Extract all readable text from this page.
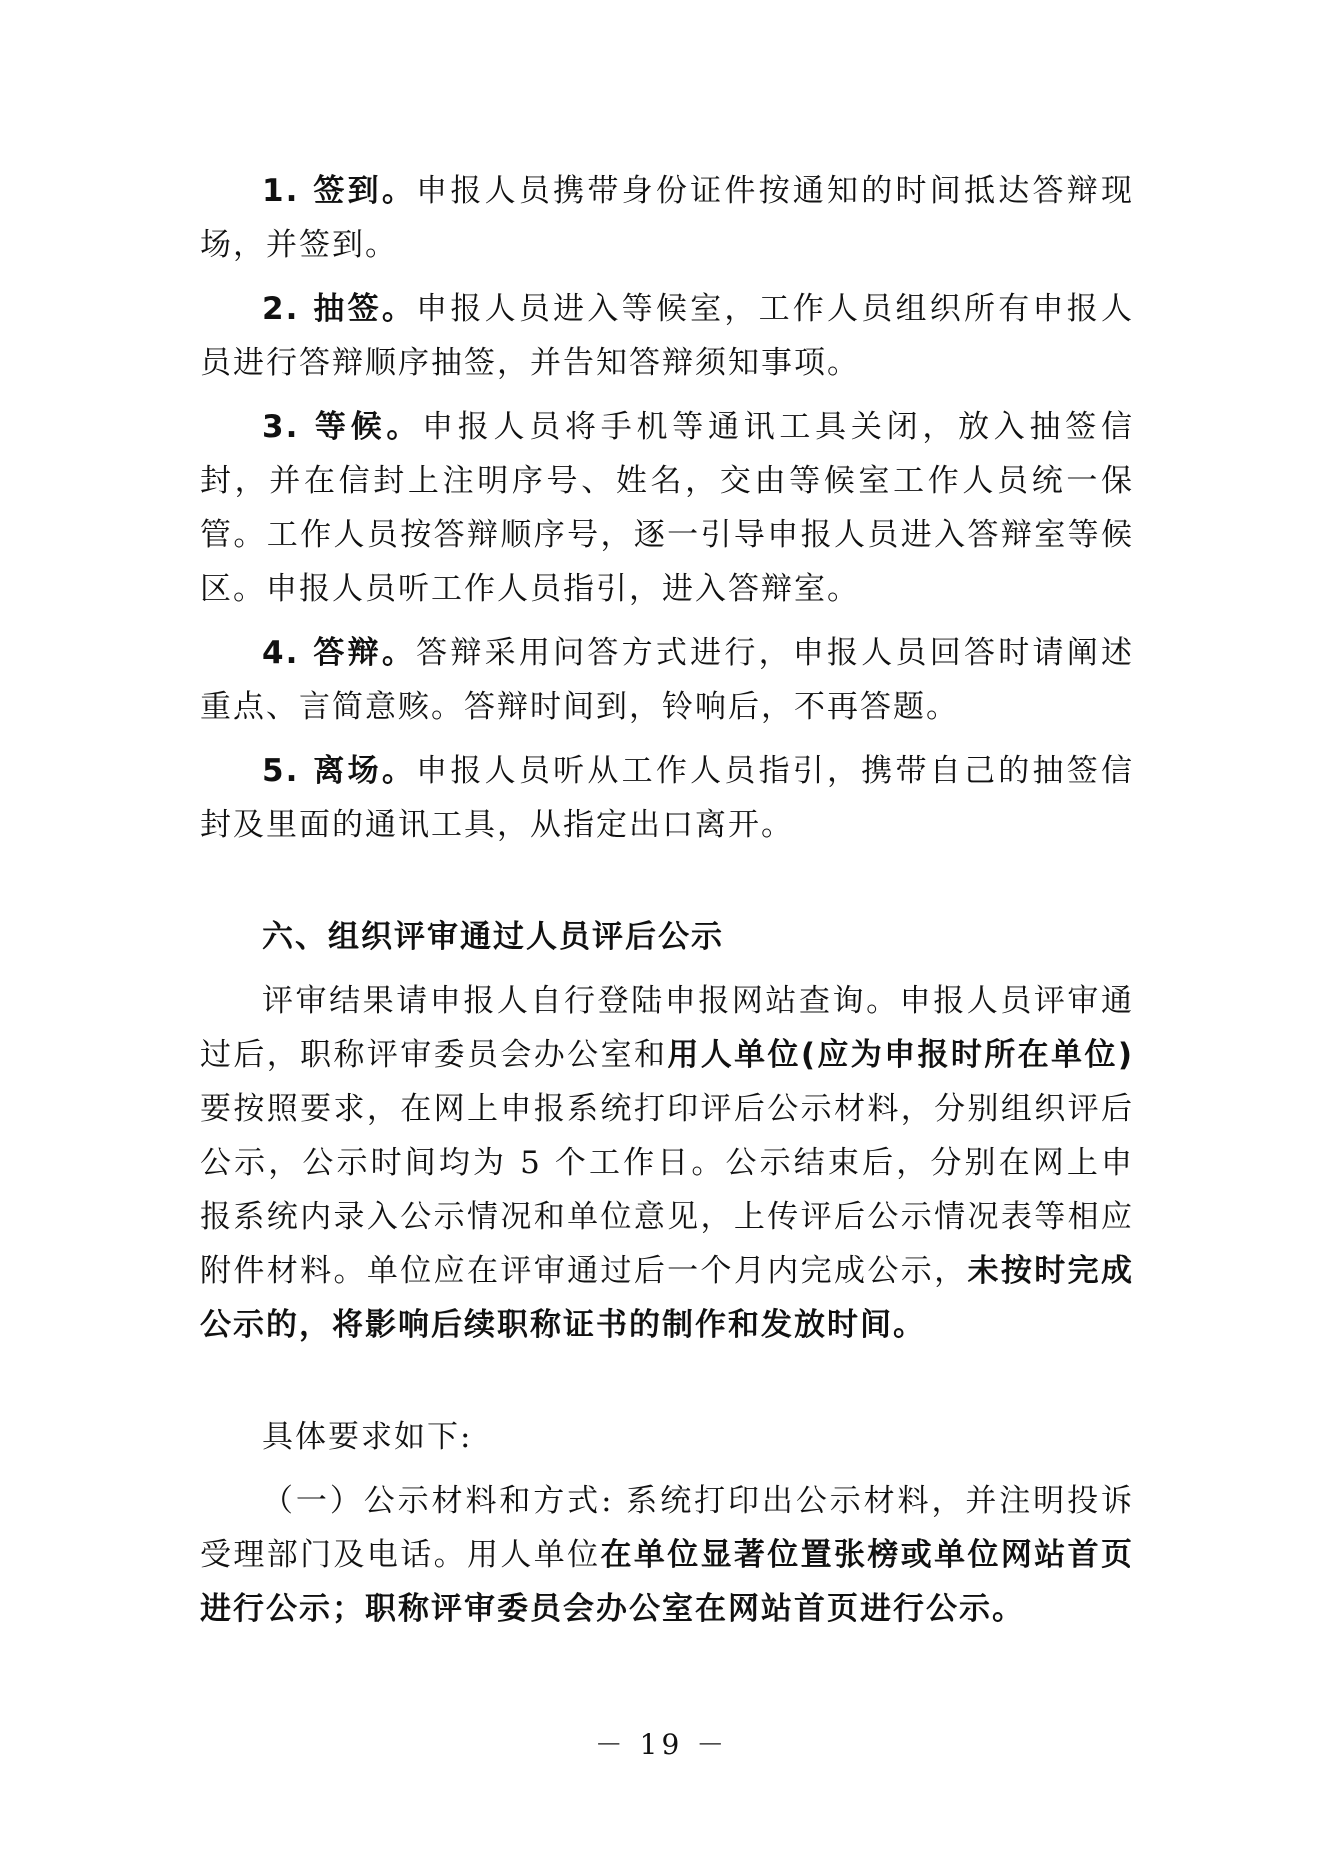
1. 签到。申报人员携带身份证件按通知的时间抵达答辩现场，并签到。

2. 抽签。申报人员进入等候室，工作人员组织所有申报人员进行答辩顺序抽签，并告知答辩须知事项。

3. 等候。申报人员将手机等通讯工具关闭，放入抽签信封，并在信封上注明序号、姓名，交由等候室工作人员统一保管。工作人员按答辩顺序号，逐一引导申报人员进入答辩室等候区。申报人员听工作人员指引，进入答辩室。

4. 答辩。答辩采用问答方式进行，申报人员回答时请阐述重点、言简意赅。答辩时间到，铃响后，不再答题。

5. 离场。申报人员听从工作人员指引，携带自己的抽签信封及里面的通讯工具，从指定出口离开。

六、组织评审通过人员评后公示

评审结果请申报人自行登陆申报网站查询。申报人员评审通过后，职称评审委员会办公室和用人单位(应为申报时所在单位)要按照要求，在网上申报系统打印评后公示材料，分别组织评后公示，公示时间均为 5 个工作日。公示结束后，分别在网上申报系统内录入公示情况和单位意见，上传评后公示情况表等相应附件材料。单位应在评审通过后一个月内完成公示，未按时完成公示的，将影响后续职称证书的制作和发放时间。

具体要求如下:

（一）公示材料和方式: 系统打印出公示材料，并注明投诉受理部门及电话。用人单位在单位显著位置张榜或单位网站首页进行公示；职称评审委员会办公室在网站首页进行公示。

－ 19 －
